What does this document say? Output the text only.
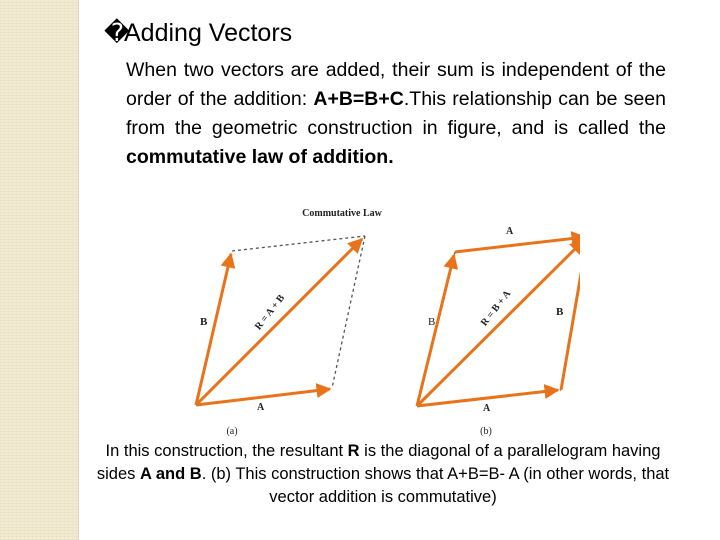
�Adding Vectors
When two vectors are added, their sum is independent of the order of the addition: A+B=B+C.This relationship can be seen from the geometric construction in figure, and is called the commutative law of addition.
Commutative Law
B
A
R = A + B
(a)
A
B
B
A
R = B + A
(b)
In this construction, the resultant R is the diagonal of a parallelogram having sides A and B. (b) This construction shows that A+B=B- A (in other words, that vector addition is commutative)
